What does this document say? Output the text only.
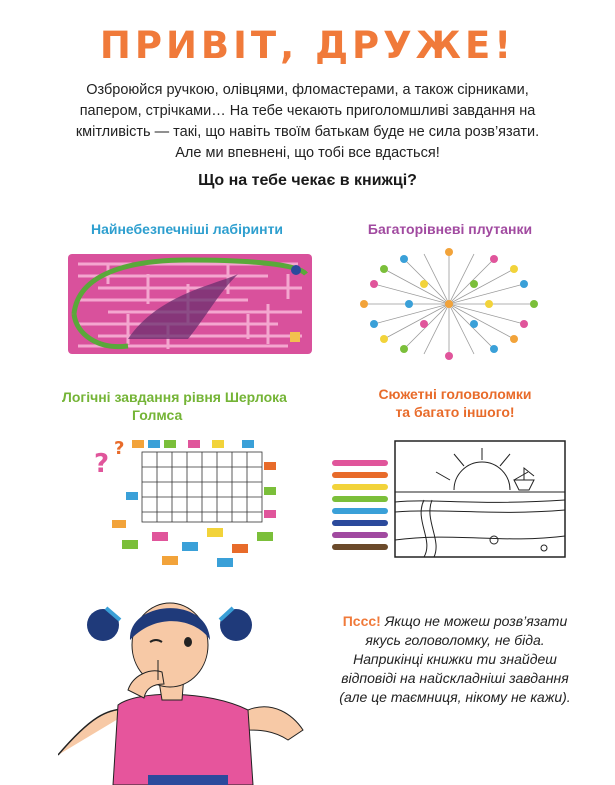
ПРИВІТ, ДРУЖЕ!
Озброюйся ручкою, олівцями, фломастерами, а також сірниками,
папером, стрічками… На тебе чекають приголомшливі завдання на
кмітливість — такі, що навіть твоїм батькам буде не сила розв’язати.
Але ми впевнені, що тобі все вдасться!
Що на тебе чекає в книжці?
Найнебезпечніші лабіринти	Багаторівневі плутанки
Логічні завдання рівня Шерлока
Голмса
Сюжетні головоломки
та багато іншого!
?
?
Пссс! Якщо не можеш розв’язати
якусь головоломку, не біда.
Наприкінці книжки ти знайдеш
відповіді на найскладніші завдання
(але це таємниця, нікому не кажи).
